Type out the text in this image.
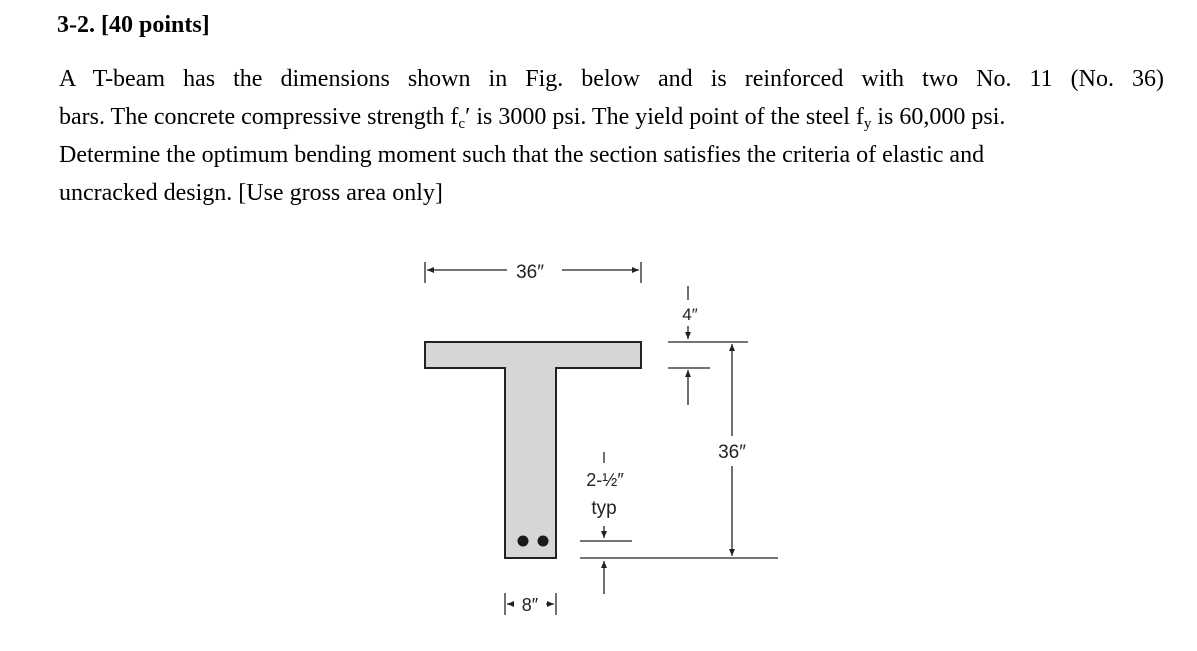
3-2. [40 points]
A T-beam has the dimensions shown in Fig. below and is reinforced with two No. 11 (No. 36)
bars. The concrete compressive strength $f_c'$ is 3000 psi. The yield point of the steel $f_y$ is 60,000 psi.
Determine the optimum bending moment such that the section satisfies the criteria of elastic and
uncracked design. [Use gross area only]
36″
4″
36″
2-½″
typ
8″
